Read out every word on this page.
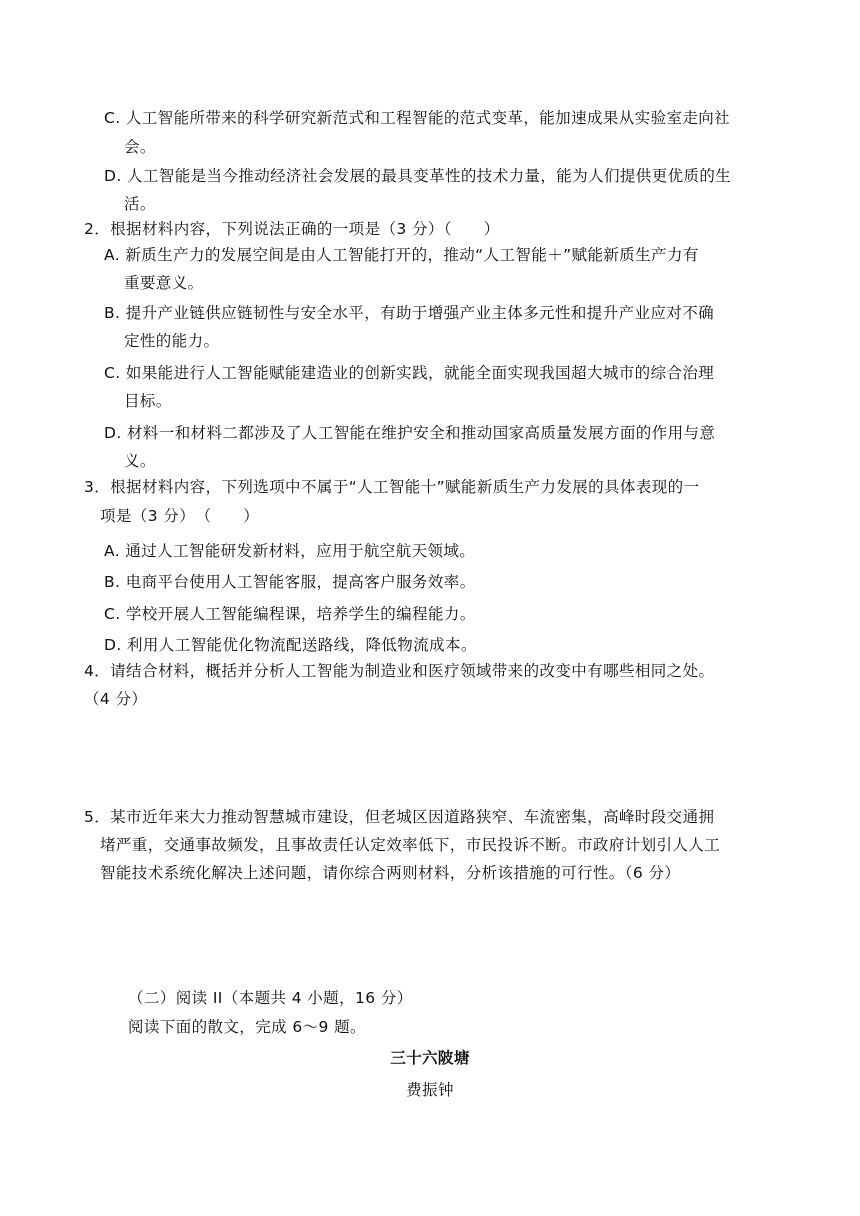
C. 人工智能所带来的科学研究新范式和工程智能的范式变革，能加速成果从实验室走向社
会。
D. 人工智能是当今推动经济社会发展的最具变革性的技术力量，能为人们提供更优质的生
活。
2．根据材料内容，下列说法正确的一项是（3 分）（　　）
A. 新质生产力的发展空间是由人工智能打开的，推动“人工智能＋”赋能新质生产力有
重要意义。
B. 提升产业链供应链韧性与安全水平，有助于增强产业主体多元性和提升产业应对不确
定性的能力。
C. 如果能进行人工智能赋能建造业的创新实践，就能全面实现我国超大城市的综合治理
目标。
D. 材料一和材料二都涉及了人工智能在维护安全和推动国家高质量发展方面的作用与意
义。
3．根据材料内容，下列选项中不属于“人工智能十”赋能新质生产力发展的具体表现的一
项是（3 分）　（　　）
A. 通过人工智能研发新材料，应用于航空航天领域。
B. 电商平台使用人工智能客服，提高客户服务效率。
C. 学校开展人工智能编程课，培养学生的编程能力。
D. 利用人工智能优化物流配送路线，降低物流成本。
4．请结合材料，概括并分析人工智能为制造业和医疗领域带来的改变中有哪些相同之处。
（4 分）
5．某市近年来大力推动智慧城市建设，但老城区因道路狭窄、车流密集，高峰时段交通拥
堵严重，交通事故频发，且事故责任认定效率低下，市民投诉不断。市政府计划引人人工
智能技术系统化解决上述问题，请你综合两则材料，分析该措施的可行性。（6 分）
（二）阅读 II（本题共 4 小题，16 分）
阅读下面的散文，完成 6～9 题。
三十六陂塘
费振钟
